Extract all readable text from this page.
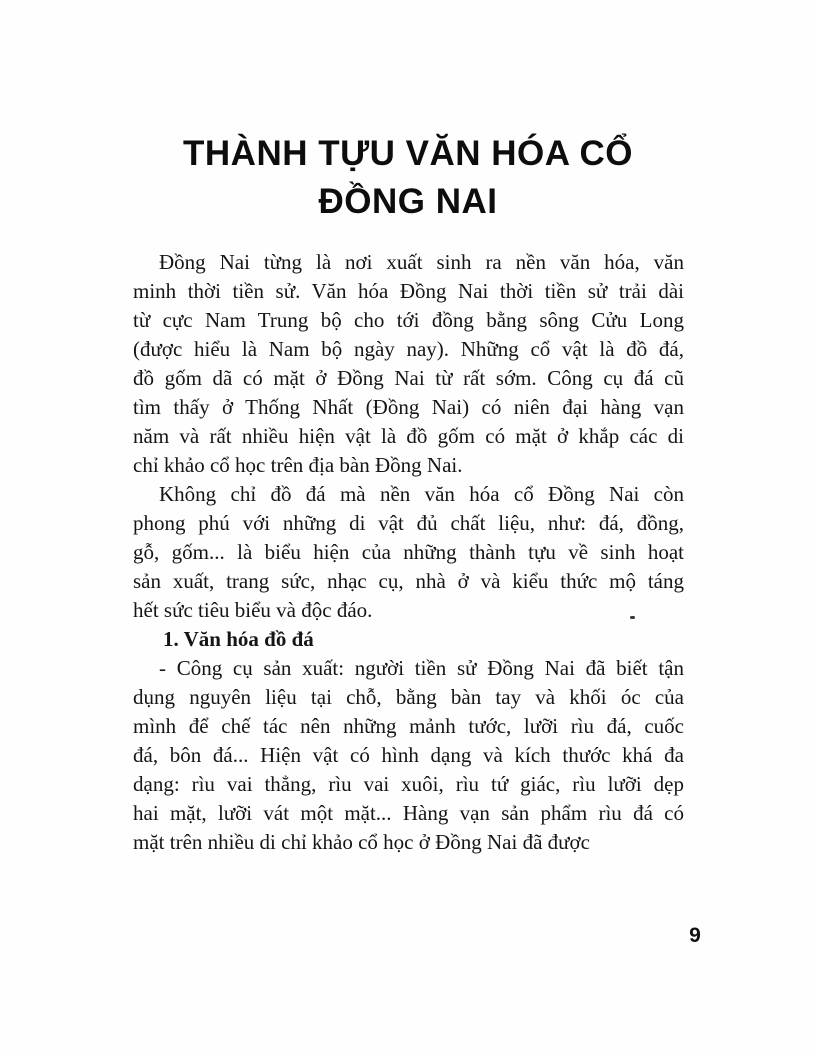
THÀNH TỰU VĂN HÓA CỔ
ĐỒNG NAI
Đồng Nai từng là nơi xuất sinh ra nền văn hóa, văn
minh thời tiền sử. Văn hóa Đồng Nai thời tiền sử trải dài
từ cực Nam Trung bộ cho tới đồng bằng sông Cửu Long
(được hiểu là Nam bộ ngày nay). Những cổ vật là đồ đá,
đồ gốm dã có mặt ở Đồng Nai từ rất sớm. Công cụ đá cũ
tìm thấy ở Thống Nhất (Đồng Nai) có niên đại hàng vạn
năm và rất nhiều hiện vật là đồ gốm có mặt ở khắp các di
chỉ khảo cổ học trên địa bàn Đồng Nai.
Không chỉ đồ đá mà nền văn hóa cổ Đồng Nai còn
phong phú với những di vật đủ chất liệu, như: đá, đồng,
gỗ, gốm... là biểu hiện của những thành tựu về sinh hoạt
sản xuất, trang sức, nhạc cụ, nhà ở và kiểu thức mộ táng
hết sức tiêu biểu và độc đáo.
1. Văn hóa đồ đá
- Công cụ sản xuất: người tiền sử Đồng Nai đã biết tận
dụng nguyên liệu tại chỗ, bằng bàn tay và khối óc của
mình để chế tác nên những mảnh tước, lưỡi rìu đá, cuốc
đá, bôn đá... Hiện vật có hình dạng và kích thước khá đa
dạng: rìu vai thẳng, rìu vai xuôi, rìu tứ giác, rìu lưỡi dẹp
hai mặt, lưỡi vát một mặt... Hàng vạn sản phẩm rìu đá có
mặt trên nhiều di chỉ khảo cổ học ở Đồng Nai đã được
9
